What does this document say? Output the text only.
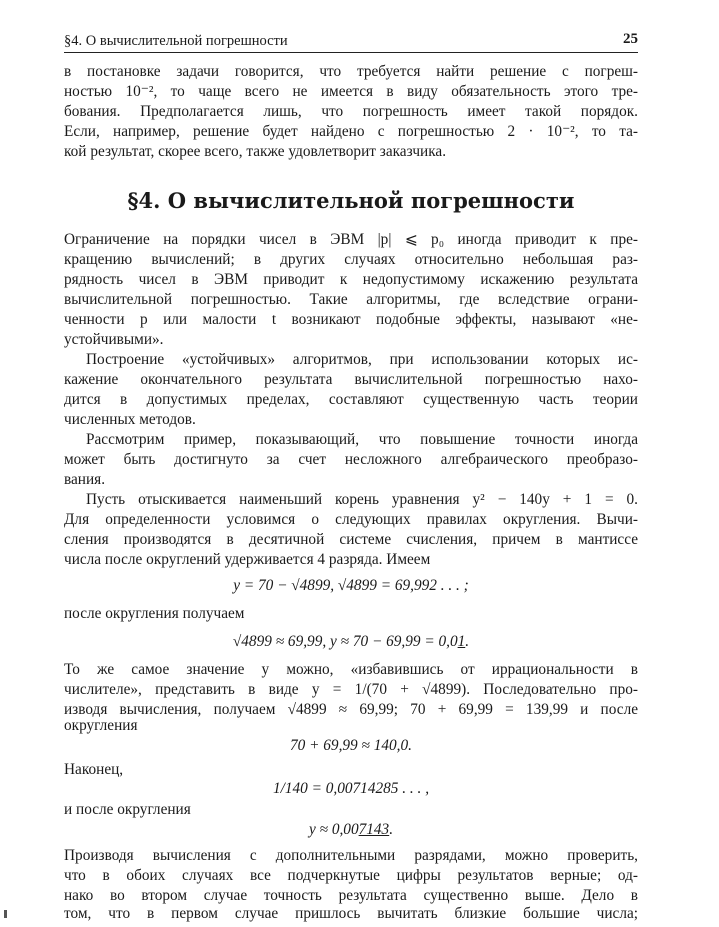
§4. О вычислительной погрешности	25
в постановке задачи говорится, что требуется найти решение с погреш-
ностью 10⁻², то чаще всего не имеется в виду обязательность этого тре-
бования. Предполагается лишь, что погрешность имеет такой порядок.
Если, например, решение будет найдено с погрешностью 2 · 10⁻², то та-
кой результат, скорее всего, также удовлетворит заказчика.
§4. О вычислительной погрешности
Ограничение на порядки чисел в ЭВМ |p| ⩽ p₀ иногда приводит к пре-
кращению вычислений; в других случаях относительно небольшая раз-
рядность чисел в ЭВМ приводит к недопустимому искажению результата
вычислительной погрешностью. Такие алгоритмы, где вследствие ограни-
ченности p или малости t возникают подобные эффекты, называют «не-
устойчивыми».
Построение «устойчивых» алгоритмов, при использовании которых ис-
кажение окончательного результата вычислительной погрешностью нахо-
дится в допустимых пределах, составляют существенную часть теории
численных методов.
Рассмотрим пример, показывающий, что повышение точности иногда
может быть достигнуто за счет несложного алгебраического преобразо-
вания.
Пусть отыскивается наименьший корень уравнения y² − 140y + 1 = 0.
Для определенности условимся о следующих правилах округления. Вычи-
сления производятся в десятичной системе счисления, причем в мантиссе
числа после округлений удерживается 4 разряда. Имеем
y = 70 − √4899, √4899 = 69,992 . . . ;
после округления получаем
√4899 ≈ 69,99, y ≈ 70 − 69,99 = 0,01.
То же самое значение y можно, «избавившись от иррациональности в
числителе», представить в виде y = 1/(70 + √4899). Последовательно про-
изводя вычисления, получаем √4899 ≈ 69,99; 70 + 69,99 = 139,99 и после
округления
70 + 69,99 ≈ 140,0.
Наконец,
1/140 = 0,00714285 . . . ,
и после округления
y ≈ 0,007143.
Производя вычисления с дополнительными разрядами, можно проверить,
что в обоих случаях все подчеркнутые цифры результатов верные; од-
нако во втором случае точность результата существенно выше. Дело в
том, что в первом случае пришлось вычитать близкие большие числа;
